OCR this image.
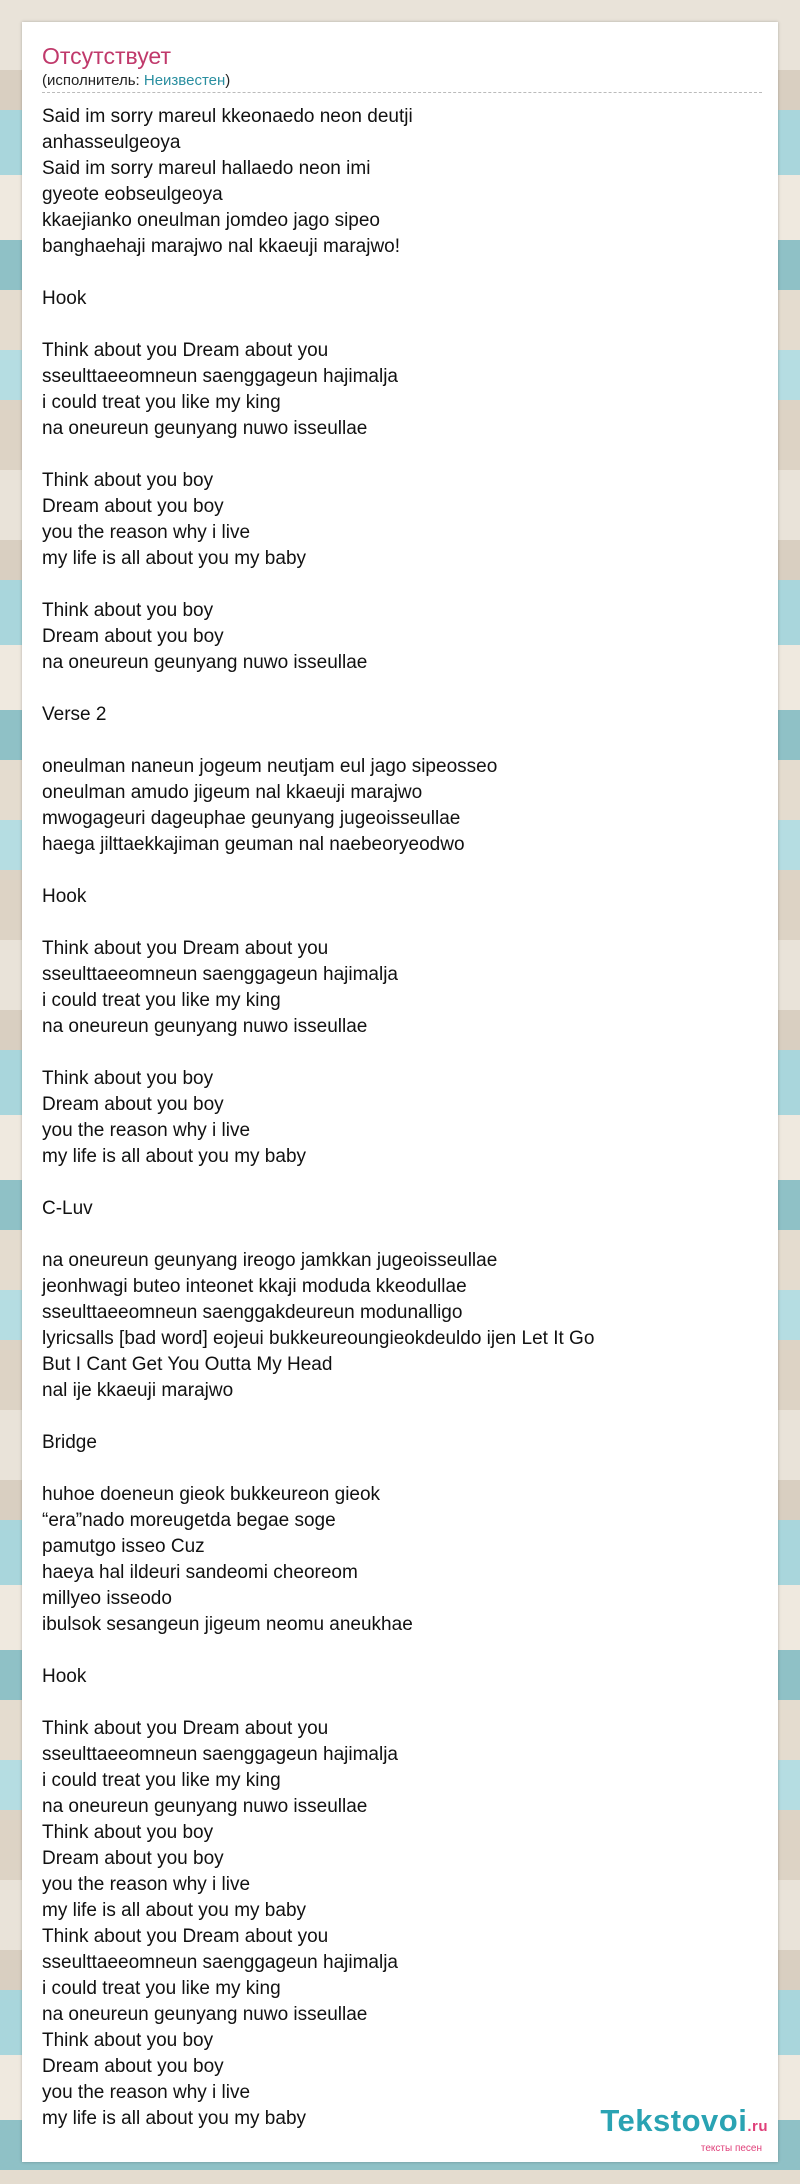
Отсутствует
(исполнитель: Неизвестен)
Said im sorry mareul kkeonaedo neon deutji
anhasseulgeoya
Said im sorry mareul hallaedo neon imi
gyeote eobseulgeoya
kkaejianko oneulman jomdeo jago sipeo
banghaehaji marajwo nal kkaeuji marajwo!
Hook
Think about you Dream about you
sseulttaeeomneun saenggageun hajimalja
i could treat you like my king
na oneureun geunyang nuwo isseullae
Think about you boy
Dream about you boy
you the reason why i live
my life is all about you my baby
Think about you boy
Dream about you boy
na oneureun geunyang nuwo isseullae
Verse 2
oneulman naneun jogeum neutjam eul jago sipeosseo
oneulman amudo jigeum nal kkaeuji marajwo
mwogageuri dageuphae geunyang jugeoisseullae
haega jilttaekkajiman geuman nal naebeoryeodwo
Hook
Think about you Dream about you
sseulttaeeomneun saenggageun hajimalja
i could treat you like my king
na oneureun geunyang nuwo isseullae
Think about you boy
Dream about you boy
you the reason why i live
my life is all about you my baby
C-Luv
na oneureun geunyang ireogo jamkkan jugeoisseullae
jeonhwagi buteo inteonet kkaji moduda kkeodullae
sseulttaeeomneun saenggakdeureun modunalligo
lyricsalls [bad word] eojeui bukkeureoungieokdeuldo ijen Let It Go
But I Cant Get You Outta My Head
nal ije kkaeuji marajwo
Bridge
huhoe doeneun gieok bukkeureon gieok
“era”nado moreugetda begae soge
pamutgo isseo Cuz
haeya hal ildeuri sandeomi cheoreom
millyeo isseodo
ibulsok sesangeun jigeum neomu aneukhae
Hook
Think about you Dream about you
sseulttaeeomneun saenggageun hajimalja
i could treat you like my king
na oneureun geunyang nuwo isseullae
Think about you boy
Dream about you boy
you the reason why i live
my life is all about you my baby
Think about you Dream about you
sseulttaeeomneun saenggageun hajimalja
i could treat you like my king
na oneureun geunyang nuwo isseullae
Think about you boy
Dream about you boy
you the reason why i live
my life is all about you my baby	Tekstovoi.ru
тексты песен
